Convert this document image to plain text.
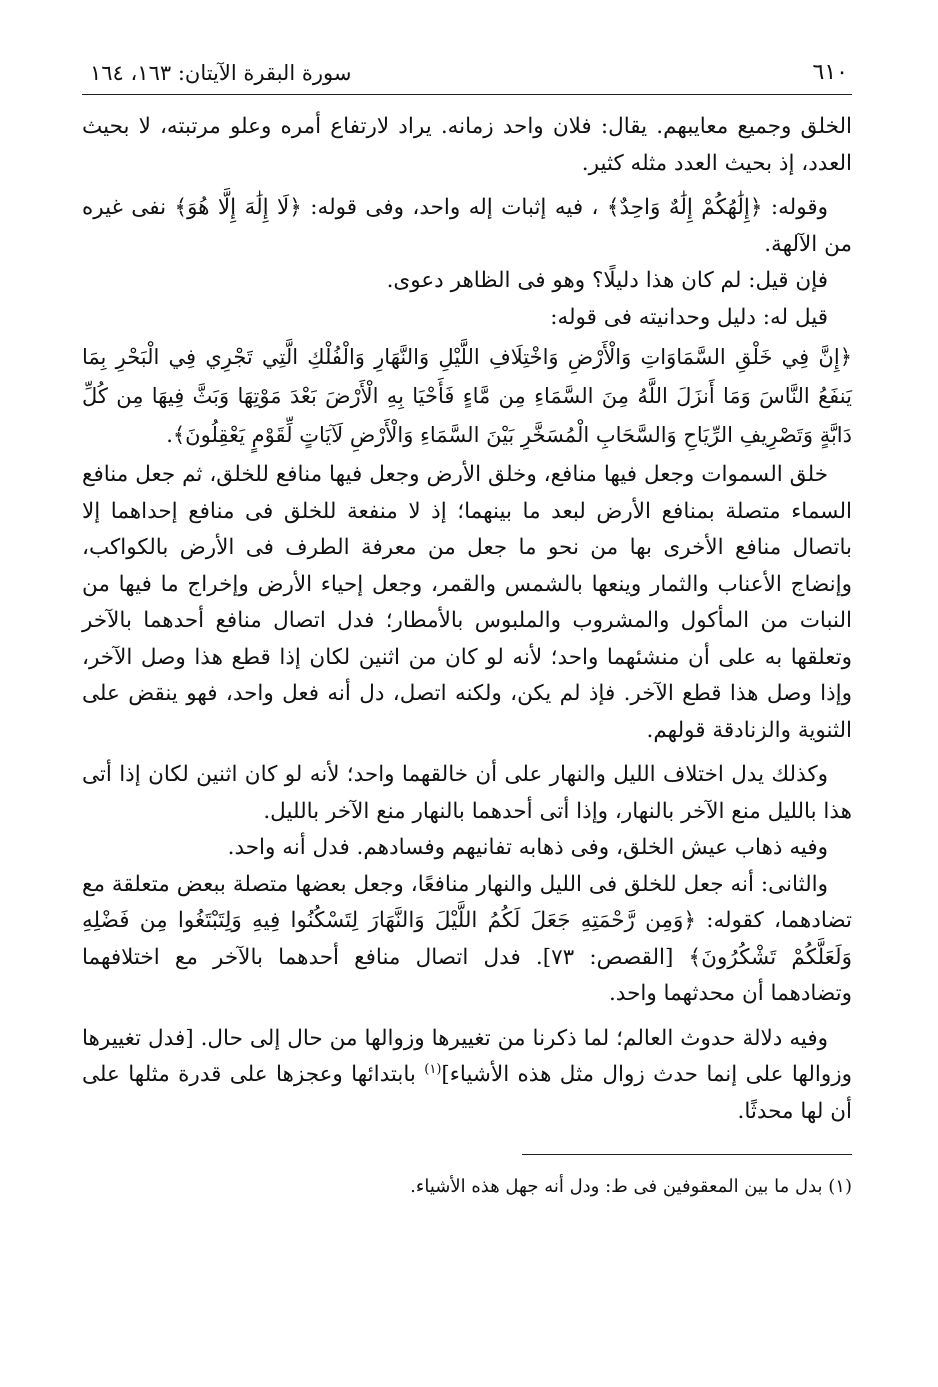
٦١٠
سورة البقرة الآيتان: ١٦٣، ١٦٤

الخلق وجميع معايبهم. يقال: فلان واحد زمانه. يراد لارتفاع أمره وعلو مرتبته، لا بحيث العدد، إذ بحيث العدد مثله كثير.

وقوله: ﴿إِلَٰهُكُمْ إِلَٰهٌ وَاحِدٌ﴾ ، فيه إثبات إله واحد، وفى قوله: ﴿لَا إِلَٰهَ إِلَّا هُوَ﴾ نفى غيره من الآلهة.

فإن قيل: لم كان هذا دليلًا؟ وهو فى الظاهر دعوى.

قيل له: دليل وحدانيته فى قوله:

﴿إِنَّ فِي خَلْقِ السَّمَاوَاتِ وَالْأَرْضِ وَاخْتِلَافِ اللَّيْلِ وَالنَّهَارِ وَالْفُلْكِ الَّتِي تَجْرِي فِي الْبَحْرِ بِمَا يَنفَعُ النَّاسَ وَمَا أَنزَلَ اللَّهُ مِنَ السَّمَاءِ مِن مَّاءٍ فَأَحْيَا بِهِ الْأَرْضَ بَعْدَ مَوْتِهَا وَبَثَّ فِيهَا مِن كُلِّ دَابَّةٍ وَتَصْرِيفِ الرِّيَاحِ وَالسَّحَابِ الْمُسَخَّرِ بَيْنَ السَّمَاءِ وَالْأَرْضِ لَآيَاتٍ لِّقَوْمٍ يَعْقِلُونَ﴾.

خلق السموات وجعل فيها منافع، وخلق الأرض وجعل فيها منافع للخلق، ثم جعل منافع السماء متصلة بمنافع الأرض لبعد ما بينهما؛ إذ لا منفعة للخلق فى منافع إحداهما إلا باتصال منافع الأخرى بها من نحو ما جعل من معرفة الطرف فى الأرض بالكواكب، وإنضاج الأعناب والثمار وينعها بالشمس والقمر، وجعل إحياء الأرض وإخراج ما فيها من النبات من المأكول والمشروب والملبوس بالأمطار؛ فدل اتصال منافع أحدهما بالآخر وتعلقها به على أن منشئهما واحد؛ لأنه لو كان من اثنين لكان إذا قطع هذا وصل الآخر، وإذا وصل هذا قطع الآخر. فإذ لم يكن، ولكنه اتصل، دل أنه فعل واحد، فهو ينقض على الثنوية والزنادقة قولهم.

وكذلك يدل اختلاف الليل والنهار على أن خالقهما واحد؛ لأنه لو كان اثنين لكان إذا أتى هذا بالليل منع الآخر بالنهار، وإذا أتى أحدهما بالنهار منع الآخر بالليل.

وفيه ذهاب عيش الخلق، وفى ذهابه تفانيهم وفسادهم. فدل أنه واحد.

والثانى: أنه جعل للخلق فى الليل والنهار منافعًا، وجعل بعضها متصلة ببعض متعلقة مع تضادهما، كقوله: ﴿وَمِن رَّحْمَتِهِ جَعَلَ لَكُمُ اللَّيْلَ وَالنَّهَارَ لِتَسْكُنُوا فِيهِ وَلِتَبْتَغُوا مِن فَضْلِهِ وَلَعَلَّكُمْ تَشْكُرُونَ﴾ [القصص: ٧٣]. فدل اتصال منافع أحدهما بالآخر مع اختلافهما وتضادهما أن محدثهما واحد.

وفيه دلالة حدوث العالم؛ لما ذكرنا من تغييرها وزوالها من حال إلى حال. [فدل تغييرها وزوالها على إنما حدث زوال مثل هذه الأشياء]$^{(١)}$ بابتدائها وعجزها على قدرة مثلها على أن لها محدثًا.

(١) بدل ما بين المعقوفين فى ط: ودل أنه جهل هذه الأشياء.
